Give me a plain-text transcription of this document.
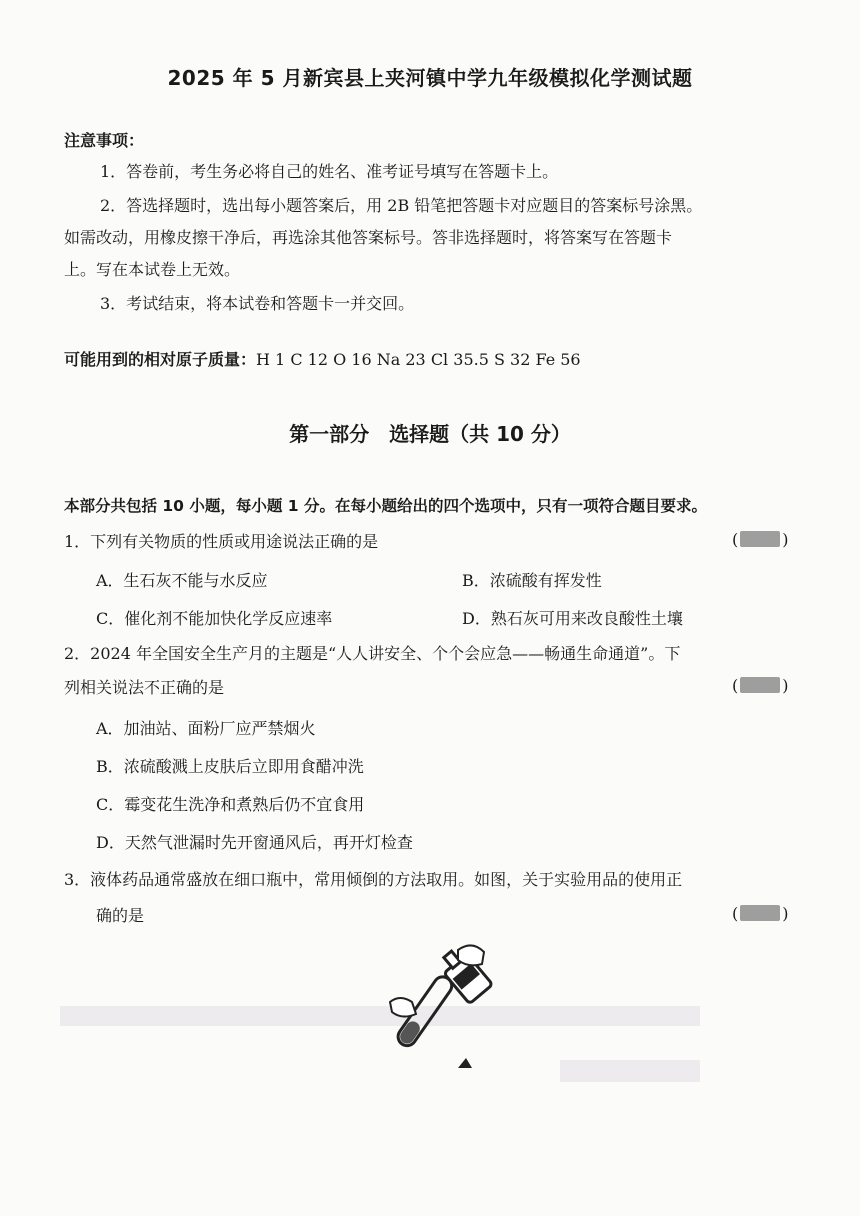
2025 年 5 月新宾县上夹河镇中学九年级模拟化学测试题
注意事项：
1．答卷前，考生务必将自己的姓名、准考证号填写在答题卡上。
2．答选择题时，选出每小题答案后，用 2B 铅笔把答题卡对应题目的答案标号涂黑。
如需改动，用橡皮擦干净后，再选涂其他答案标号。答非选择题时，将答案写在答题卡
上。写在本试卷上无效。
3．考试结束，将本试卷和答题卡一并交回。
可能用到的相对原子质量：H 1 C 12 O 16 Na 23 Cl 35.5 S 32 Fe 56
第一部分　选择题（共 10 分）
本部分共包括 10 小题，每小题 1 分。在每小题给出的四个选项中，只有一项符合题目要求。
1．下列有关物质的性质或用途说法正确的是	(	)
A．生石灰不能与水反应	B．浓硫酸有挥发性
C．催化剂不能加快化学反应速率	D．熟石灰可用来改良酸性土壤
2．2024 年全国安全生产月的主题是“人人讲安全、个个会应急——畅通生命通道”。下
列相关说法不正确的是	(	)
A．加油站、面粉厂应严禁烟火
B．浓硫酸溅上皮肤后立即用食醋冲洗
C．霉变花生洗净和煮熟后仍不宜食用
D．天然气泄漏时先开窗通风后，再开灯检查
3．液体药品通常盛放在细口瓶中，常用倾倒的方法取用。如图，关于实验用品的使用正
确的是	(	)
